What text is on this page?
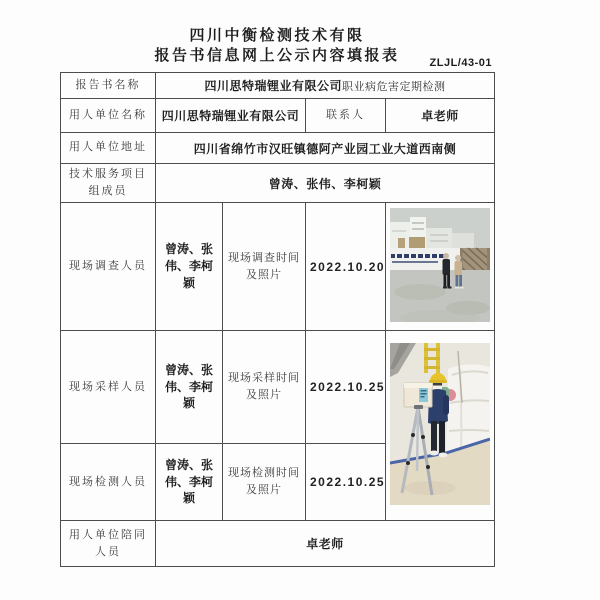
四川中衡检测技术有限
报告书信息网上公示内容填报表	ZLJL/43-01
报告书名称	四川思特瑞锂业有限公司职业病危害定期检测			
用人单位名称	四川思特瑞锂业有限公司		联系人	卓老师
用人单位地址	四川省绵竹市汉旺镇德阿产业园工业大道西南侧			
技术服务项目组成员	曾涛、张伟、李柯颖			
现场调查人员	曾涛、张伟、李柯颖	现场调查时间及照片	2022.10.20	

现场采样人员	曾涛、张伟、李柯颖	现场采样时间及照片	2022.10.25	

现场检测人员	曾涛、张伟、李柯颖	现场检测时间及照片	2022.10.25	
用人单位陪同人员	卓老师			
